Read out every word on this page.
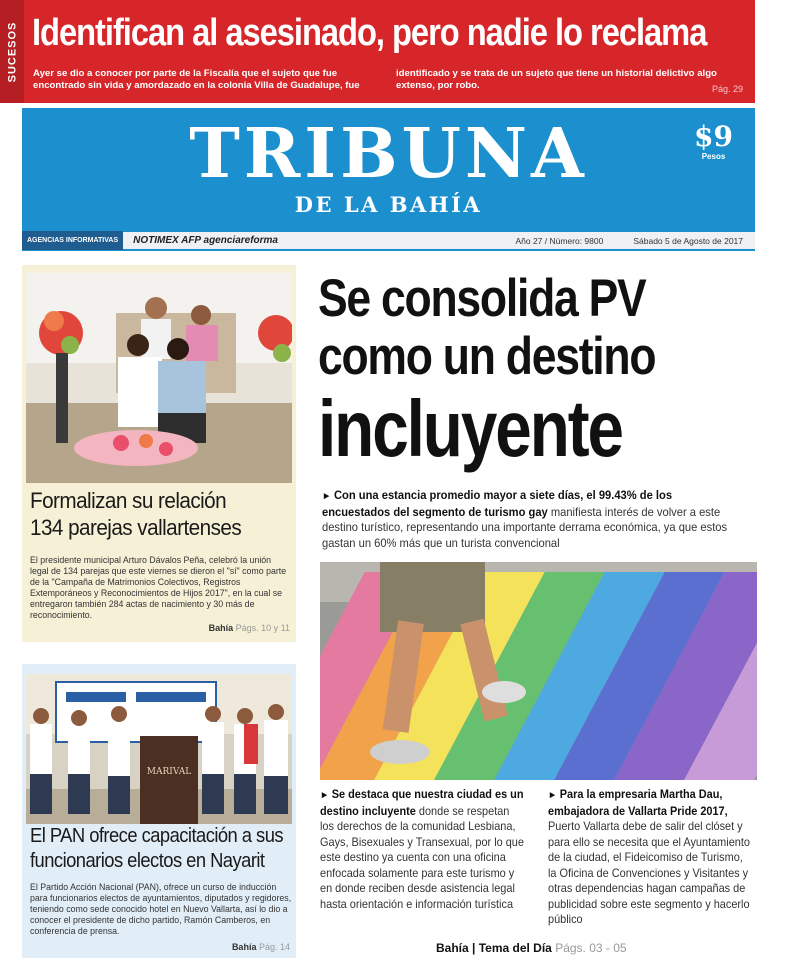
SUCESOS Identifican al asesinado, pero nadie lo reclama
Ayer se dio a conocer por parte de la Fiscalía que el sujeto que fue encontrado sin vida y amordazado en la colonia Villa de Guadalupe, fue identificado y se trata de un sujeto que tiene un historial delictivo algo extenso, por robo.	Pág. 29
TRIBUNA
DE LA BAHÍA
$9
Pesos
AGENCIAS INFORMATIVAS	NOTIMEX AFP agenciareforma	Año 27 / Número: 9800	Sábado 5 de Agosto de 2017
Formalizan su relación
134 parejas vallartenses
El presidente municipal Arturo Dávalos Peña, celebró la unión legal de 134 parejas que este viernes se dieron el "sí" como parte de la "Campaña de Matrimonios Colectivos, Registros Extemporáneos y Reconocimientos de Hijos 2017", en la cual se entregaron también 284 actas de nacimiento y 30 más de reconocimiento.
Bahía Págs. 10 y 11
MARIVAL
El PAN ofrece capacitación a sus
funcionarios electos en Nayarit
El Partido Acción Nacional (PAN), ofrece un curso de inducción para funcionarios electos de ayuntamientos, diputados y regidores, teniendo como sede conocido hotel en Nuevo Vallarta, así lo dio a conocer el presidente de dicho partido, Ramón Camberos, en conferencia de prensa.
Bahía Pág. 14
Se consolida PV
como un destino
incluyente
► Con una estancia promedio mayor a siete días, el 99.43% de los encuestados del segmento de turismo gay manifiesta interés de volver a este destino turístico, representando una importante derrama económica, ya que estos gastan un 60% más que un turista convencional
► Se destaca que nuestra ciudad es un destino incluyente donde se respetan los derechos de la comunidad Lesbiana, Gays, Bisexuales y Transexual, por lo que este destino ya cuenta con una oficina enfocada solamente para este turismo y en donde reciben desde asistencia legal hasta orientación e información turística
► Para la empresaria Martha Dau, embajadora de Vallarta Pride 2017, Puerto Vallarta debe de salir del clóset y para ello se necesita que el Ayuntamiento de la ciudad, el Fideicomiso de Turismo, la Oficina de Convenciones y Visitantes y otras dependencias hagan campañas de publicidad sobre este segmento y hacerlo público
Bahía | Tema del Día Págs. 03 - 05
